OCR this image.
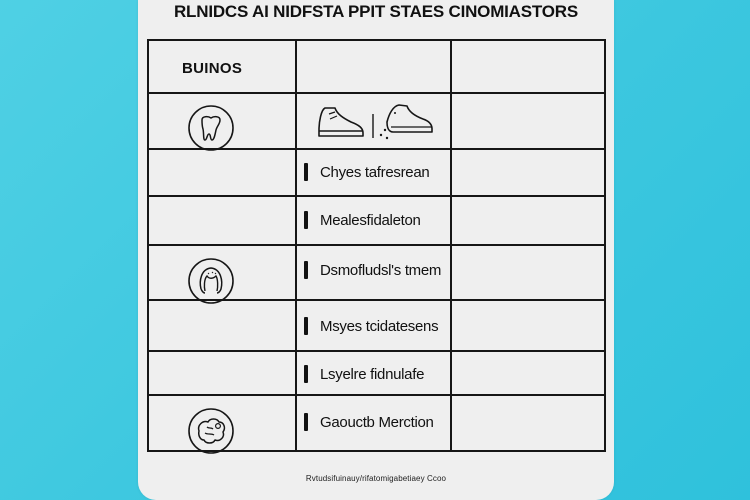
RLNIDCS AI NIDFSTA PPIT STAES CINOMIASTORS
BUINOS
Chyes tafresrean
Mealesfidaleton
Dsmofludsl's tmem
Msyes tcidatesens
Lsyelre fidnulafe
Gaouctb Merction
Rvtudsifuinauy/rifatomigabetiaey Ccoo
